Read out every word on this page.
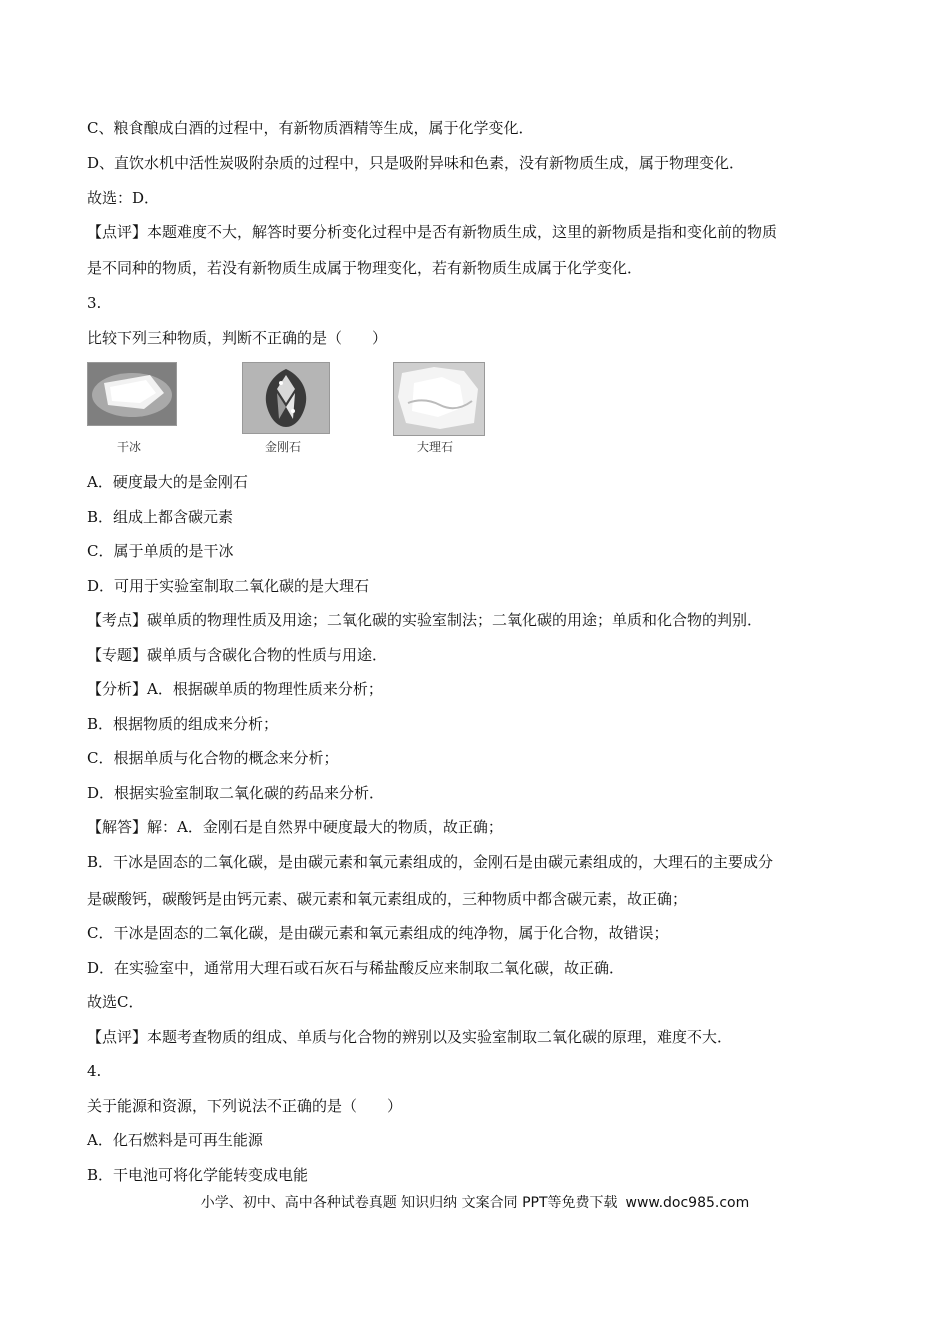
C、粮食酿成白酒的过程中，有新物质酒精等生成，属于化学变化．
D、直饮水机中活性炭吸附杂质的过程中，只是吸附异味和色素，没有新物质生成，属于物理变化．
故选：D．
【点评】本题难度不大，解答时要分析变化过程中是否有新物质生成，这里的新物质是指和变化前的物质
是不同种的物质，若没有新物质生成属于物理变化，若有新物质生成属于化学变化．
3.
比较下列三种物质，判断不正确的是（　　）
干冰	金刚石	大理石
A．硬度最大的是金刚石
B．组成上都含碳元素
C．属于单质的是干冰
D．可用于实验室制取二氧化碳的是大理石
【考点】碳单质的物理性质及用途；二氧化碳的实验室制法；二氧化碳的用途；单质和化合物的判别．
【专题】碳单质与含碳化合物的性质与用途．
【分析】A．根据碳单质的物理性质来分析；
B．根据物质的组成来分析；
C．根据单质与化合物的概念来分析；
D．根据实验室制取二氧化碳的药品来分析．
【解答】解：A．金刚石是自然界中硬度最大的物质，故正确；
B．干冰是固态的二氧化碳，是由碳元素和氧元素组成的，金刚石是由碳元素组成的，大理石的主要成分
是碳酸钙，碳酸钙是由钙元素、碳元素和氧元素组成的，三种物质中都含碳元素，故正确；
C．干冰是固态的二氧化碳，是由碳元素和氧元素组成的纯净物，属于化合物，故错误；
D．在实验室中，通常用大理石或石灰石与稀盐酸反应来制取二氧化碳，故正确．
故选C．
【点评】本题考查物质的组成、单质与化合物的辨别以及实验室制取二氧化碳的原理，难度不大．
4.
关于能源和资源，下列说法不正确的是（　　）
A．化石燃料是可再生能源
B．干电池可将化学能转变成电能
小学、初中、高中各种试卷真题 知识归纳 文案合同 PPT等免费下载 www.doc985.com
